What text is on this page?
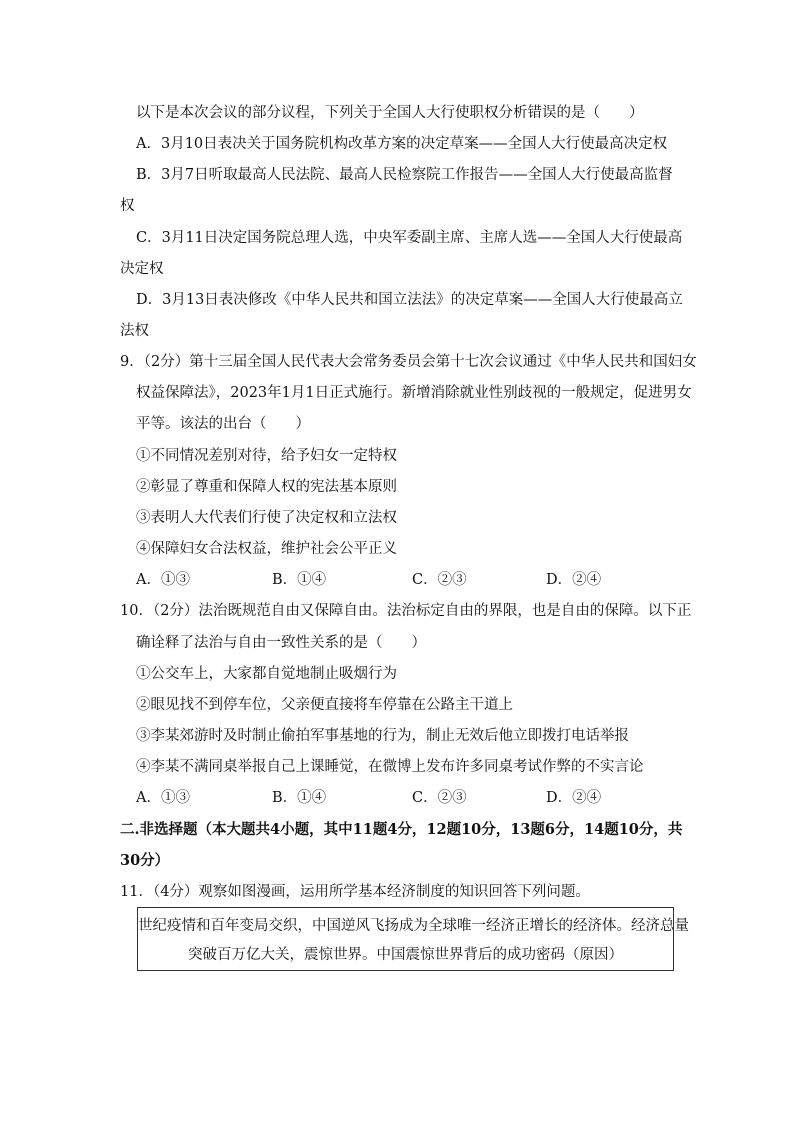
以下是本次会议的部分议程，下列关于全国人大行使职权分析错误的是（　　）
A．3月10日表决关于国务院机构改革方案的决定草案——全国人大行使最高决定权
B．3月7日听取最高人民法院、最高人民检察院工作报告——全国人大行使最高监督
权
C．3月11日决定国务院总理人选，中央军委副主席、主席人选——全国人大行使最高
决定权
D．3月13日表决修改《中华人民共和国立法法》的决定草案——全国人大行使最高立
法权
9．（2分）第十三届全国人民代表大会常务委员会第十七次会议通过《中华人民共和国妇女
权益保障法》，2023年1月1日正式施行。新增消除就业性别歧视的一般规定，促进男女
平等。该法的出台（　　）
①不同情况差别对待，给予妇女一定特权
②彰显了尊重和保障人权的宪法基本原则
③表明人大代表们行使了决定权和立法权
④保障妇女合法权益，维护社会公平正义
A．①③	B．①④	C．②③	D．②④
10．（2分）法治既规范自由又保障自由。法治标定自由的界限，也是自由的保障。以下正
确诠释了法治与自由一致性关系的是（　　）
①公交车上，大家都自觉地制止吸烟行为
②眼见找不到停车位，父亲便直接将车停靠在公路主干道上
③李某郊游时及时制止偷拍军事基地的行为，制止无效后他立即拨打电话举报
④李某不满同桌举报自己上课睡觉，在微博上发布许多同桌考试作弊的不实言论
A．①③	B．①④	C．②③	D．②④
二.非选择题（本大题共4小题，其中11题4分，12题10分，13题6分，14题10分，共
30分）
11．（4分）观察如图漫画，运用所学基本经济制度的知识回答下列问题。
世纪疫情和百年变局交织，中国逆风飞扬成为全球唯一经济正增长的经济体。经济总量
突破百万亿大关，震惊世界。中国震惊世界背后的成功密码（原因）
